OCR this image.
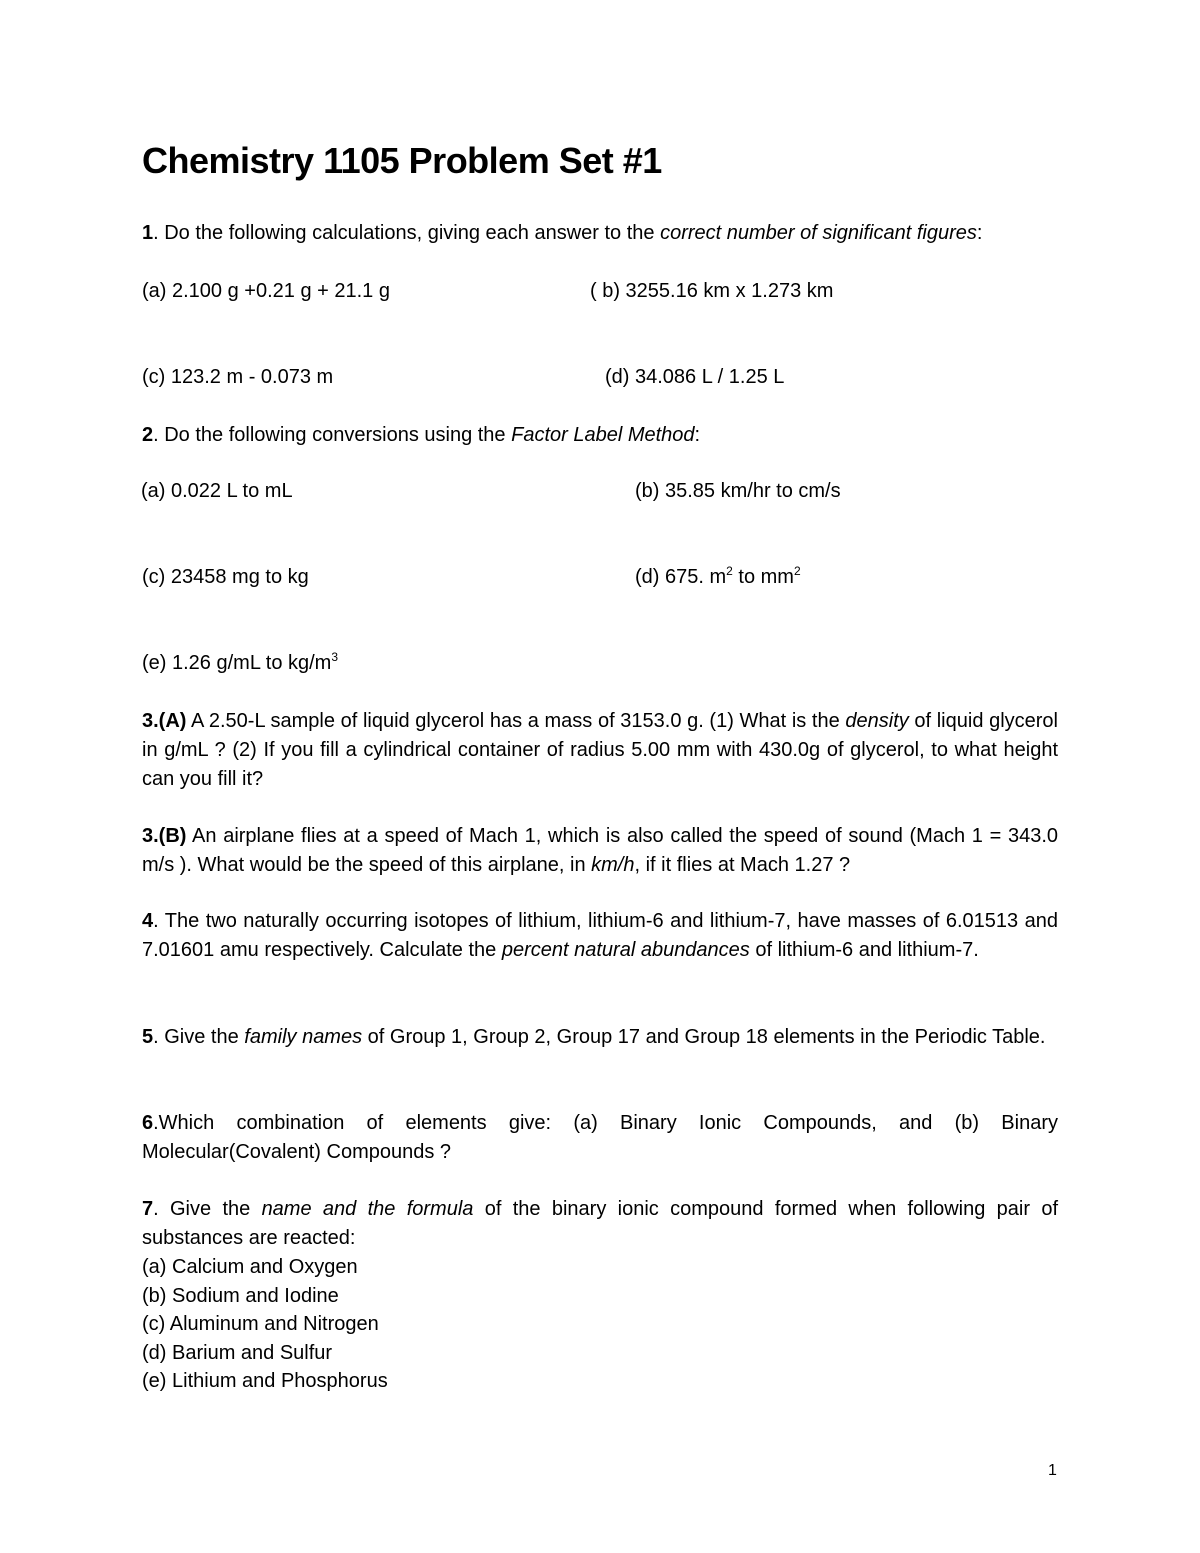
Chemistry 1105 Problem Set #1
1. Do the following calculations, giving each answer to the correct number of significant figures:
(a) 2.100 g +0.21 g + 21.1 g	( b) 3255.16 km x 1.273 km
(c) 123.2 m - 0.073 m	(d) 34.086 L / 1.25 L
2. Do the following conversions using the Factor Label Method:
(a) 0.022 L to mL	(b) 35.85 km/hr to cm/s
(c) 23458 mg to kg	(d) 675. $m^2$ to $mm^2$
(e) 1.26 g/mL to $kg/m^3$
3.(A) A 2.50-L sample of liquid glycerol has a mass of 3153.0 g. (1) What is the density of liquid glycerol in g/mL ? (2) If you fill a cylindrical container of radius 5.00 mm with 430.0g of glycerol, to what height can you fill it?
3.(B) An airplane flies at a speed of Mach 1, which is also called the speed of sound (Mach 1 = 343.0 m/s ). What would be the speed of this airplane, in km/h, if it flies at Mach 1.27 ?
4. The two naturally occurring isotopes of lithium, lithium-6 and lithium-7, have masses of 6.01513 and 7.01601 amu respectively. Calculate the percent natural abundances of lithium-6 and lithium-7.
5. Give the family names of Group 1, Group 2, Group 17 and Group 18 elements in the Periodic Table.
6.Which combination of elements give: (a) Binary Ionic Compounds, and (b) Binary Molecular(Covalent) Compounds ?
7. Give the name and the formula of the binary ionic compound formed when following pair of substances are reacted:
(a) Calcium and Oxygen
(b) Sodium and Iodine
(c) Aluminum and Nitrogen
(d) Barium and Sulfur
(e) Lithium and Phosphorus
1
